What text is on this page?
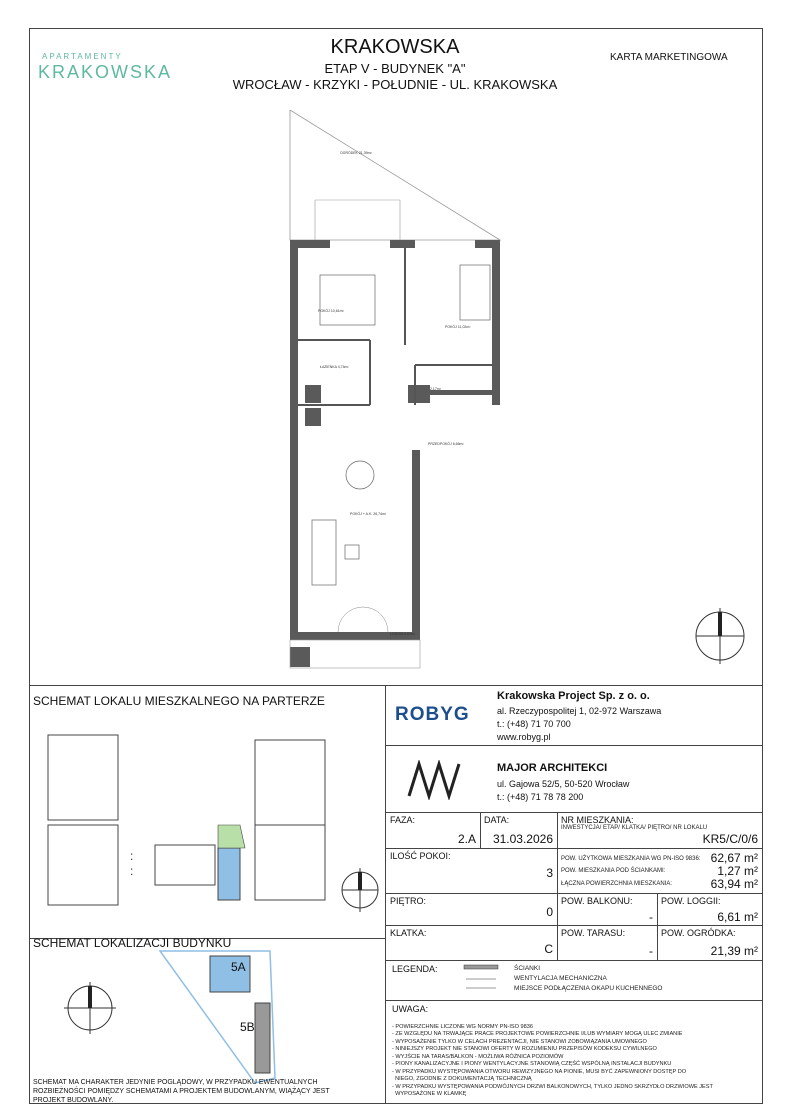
APARTAMENTY
KRAKOWSKA
KRAKOWSKA
ETAP V - BUDYNEK "A"
WROCŁAW - KRZYKI - POŁUDNIE - UL. KRAKOWSKA
KARTA MARKETINGOWA
OGRÓDEK 21,39m²
POKÓJ 10,61m²
POKÓJ 11,02m²
ŁAZIENKA 4,74m²
2,17m²
PRZEDPOKÓJ 6,66m²
POKÓJ + A.K. 26,74m²
LOGGIA 6,61m²
SCHEMAT LOKALU MIESZKALNEGO NA PARTERZE
:
:
SCHEMAT LOKALIZACJI BUDYNKU
5A
5B
SCHEMAT MA CHARAKTER JEDYNIE POGLĄDOWY, W PRZYPADKU EWENTUALNYCH ROZBIEŻNOŚCI POMIĘDZY SCHEMATAMI A PROJEKTEM BUDOWLANYM, WIĄŻĄCY JEST PROJEKT BUDOWLANY.
ROBYG
Krakowska Project Sp. z o. o.
al. Rzeczypospolitej 1, 02-972 Warszawa
t.: (+48) 71 70 700
www.robyg.pl
MAJOR ARCHITEKCI
ul. Gajowa 52/5, 50-520 Wrocław
t.: (+48) 71 78 78 200
FAZA:
2.A
DATA:
31.03.2026
NR MIESZKANIA:
INWESTYCJA/ ETAP/ KLATKA/ PIĘTRO/ NR LOKALU
KR5/C/0/6
ILOŚĆ POKOI:
3
POW. UŻYTKOWA MIESZKANIA WG PN-ISO 9836: 62,67 m²
POW. MIESZKANIA POD ŚCIANKAMI:	1,27 m²
ŁĄCZNA POWIERZCHNIA MIESZKANIA:	63,94 m²
PIĘTRO:
0
POW. BALKONU:
-
POW. LOGGII:
6,61 m²
KLATKA:
C
POW. TARASU:
-
POW. OGRÓDKA:
21,39 m²
LEGENDA:	ŚCIANKI
WENTYLACJA MECHANICZNA
MIEJSCE PODŁĄCZENIA OKAPU KUCHENNEGO
UWAGA:

- POWIERZCHNIE LICZONE WG NORMY PN-ISO 9836
- ZE WZGLĘDU NA TRWAJĄCE PRACE PROJEKTOWE POWIERZCHNIE I/LUB WYMIARY MOGĄ ULEC ZMIANIE
- WYPOSAŻENIE TYLKO W CELACH PREZENTACJI, NIE STANOWI ZOBOWIĄZANIA UMOWNEGO
- NINIEJSZY PROJEKT NIE STANOWI OFERTY W ROZUMIENIU PRZEPISÓW KODEKSU CYWILNEGO
- WYJŚCIE NA TARAS/BALKON - MOŻLIWA RÓŻNICA POZIOMÓW
- PIONY KANALIZACYJNE I PIONY WENTYLACYJNE STANOWIĄ CZĘŚĆ WSPÓLNĄ INSTALACJI BUDYNKU
- W PRZYPADKU WYSTĘPOWANIA OTWORU REWIZYJNEGO NA PIONIE, MUSI BYĆ ZAPEWNIONY DOSTĘP DO
NIEGO, ZGODNIE Z DOKUMENTACJĄ TECHNICZNĄ
- W PRZYPADKU WYSTĘPOWANIA PODWÓJNYCH DRZWI BALKONOWYCH, TYLKO JEDNO SKRZYDŁO DRZWIOWE JEST
WYPOSAŻONE W KLAMKĘ
